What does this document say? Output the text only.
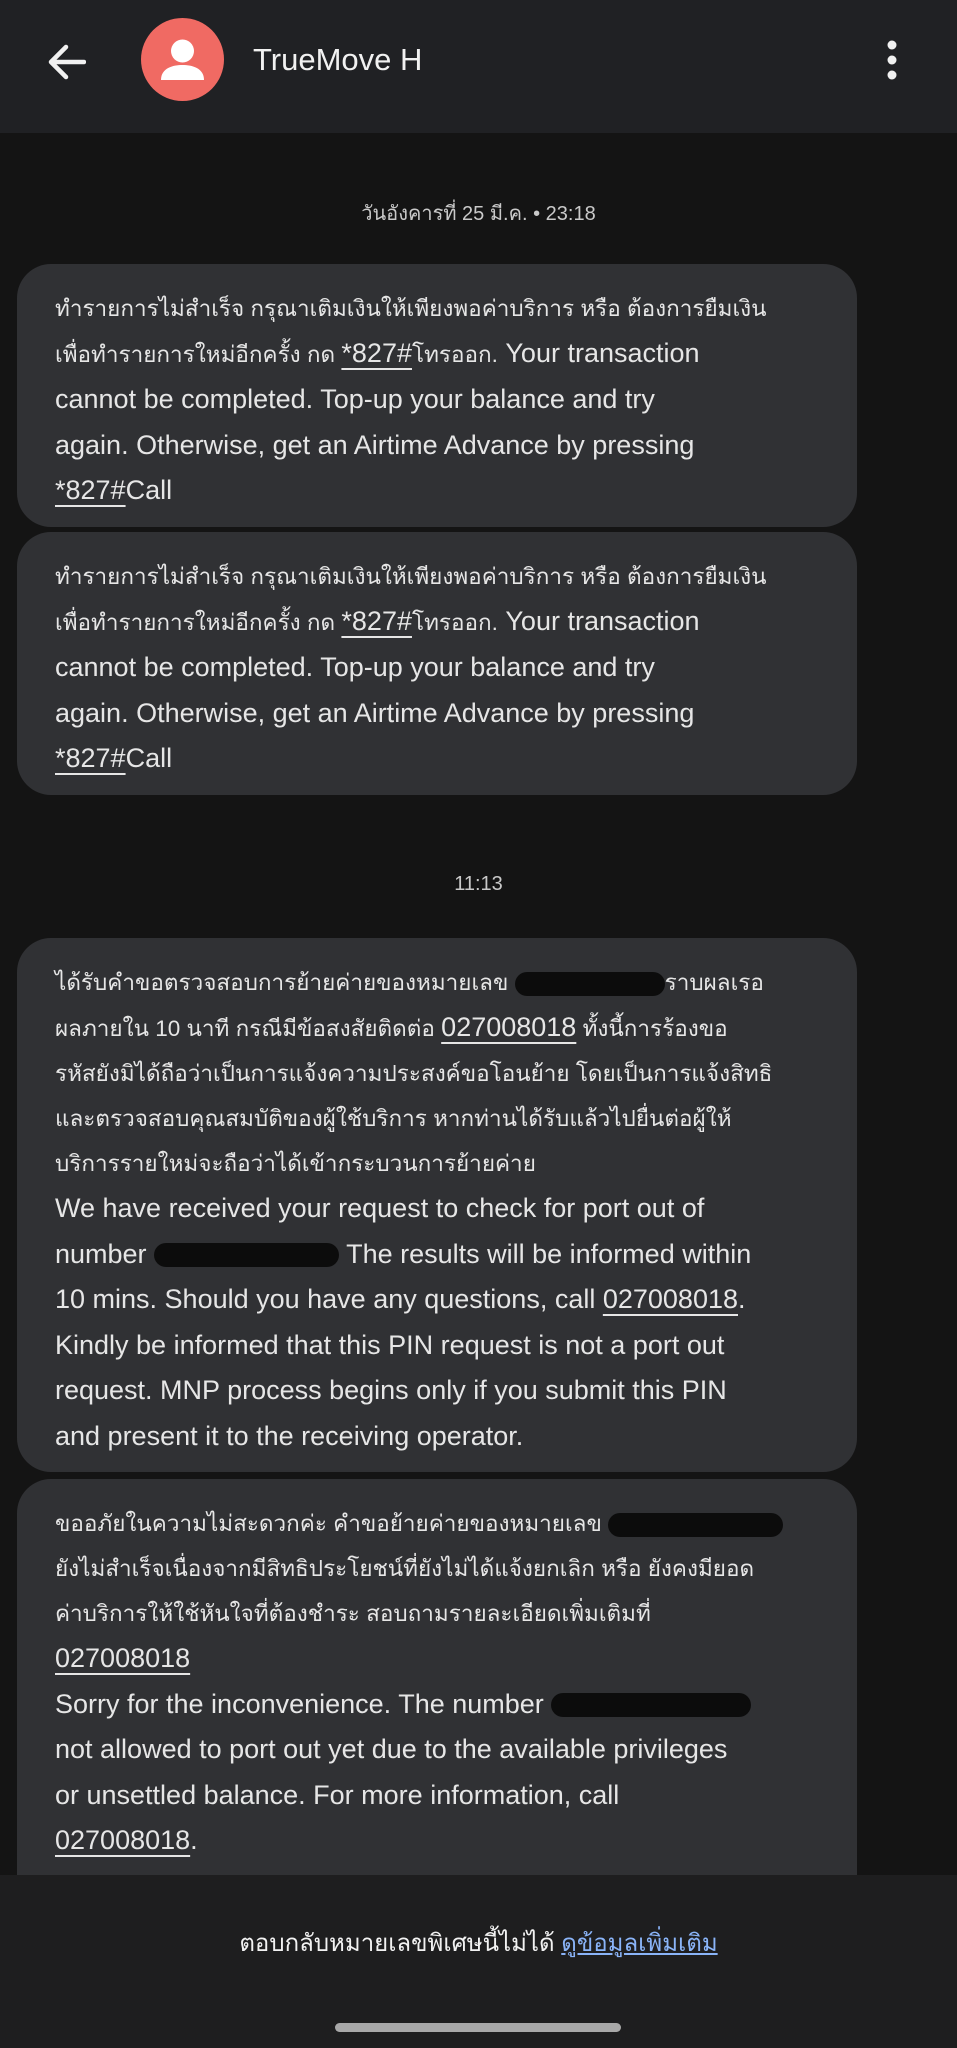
TrueMove H
วันอังคารที่ 25 มี.ค. • 23:18

ทำรายการไม่สำเร็จ กรุณาเติมเงินให้เพียงพอค่าบริการ หรือ ต้องการยืมเงิน

เพื่อทำรายการใหม่อีกครั้ง กด *827#โทรออก. Your transaction

cannot be completed. Top-up your balance and try

again. Otherwise, get an Airtime Advance by pressing

*827#Call

ทำรายการไม่สำเร็จ กรุณาเติมเงินให้เพียงพอค่าบริการ หรือ ต้องการยืมเงิน

เพื่อทำรายการใหม่อีกครั้ง กด *827#โทรออก. Your transaction

cannot be completed. Top-up your balance and try

again. Otherwise, get an Airtime Advance by pressing

*827#Call

11:13

ได้รับคำขอตรวจสอบการย้ายค่ายของหมายเลข	ราบผลเรอ

ผลภายใน 10 นาที กรณีมีข้อสงสัยติดต่อ 027008018 ทั้งนี้การร้องขอ

รหัสยังมิได้ถือว่าเป็นการแจ้งความประสงค์ขอโอนย้าย โดยเป็นการแจ้งสิทธิ

และตรวจสอบคุณสมบัติของผู้ใช้บริการ หากท่านได้รับแล้วไปยื่นต่อผู้ให้

บริการรายใหม่จะถือว่าได้เข้ากระบวนการย้ายค่าย

We have received your request to check for port out of

number	The results will be informed within

10 mins. Should you have any questions, call 027008018.

Kindly be informed that this PIN request is not a port out

request. MNP process begins only if you submit this PIN

and present it to the receiving operator.

ขออภัยในความไม่สะดวกค่ะ คำขอย้ายค่ายของหมายเลข

ยังไม่สำเร็จเนื่องจากมีสิทธิประโยชน์ที่ยังไม่ได้แจ้งยกเลิก หรือ ยังคงมียอด

ค่าบริการให้ใช้หันใจที่ต้องชำระ สอบถามรายละเอียดเพิ่มเติมที่

027008018

Sorry for the inconvenience. The number

not allowed to port out yet due to the available privileges

or unsettled balance. For more information, call

027008018.

ตอบกลับหมายเลขพิเศษนี้ไม่ได้ ดูข้อมูลเพิ่มเติม
